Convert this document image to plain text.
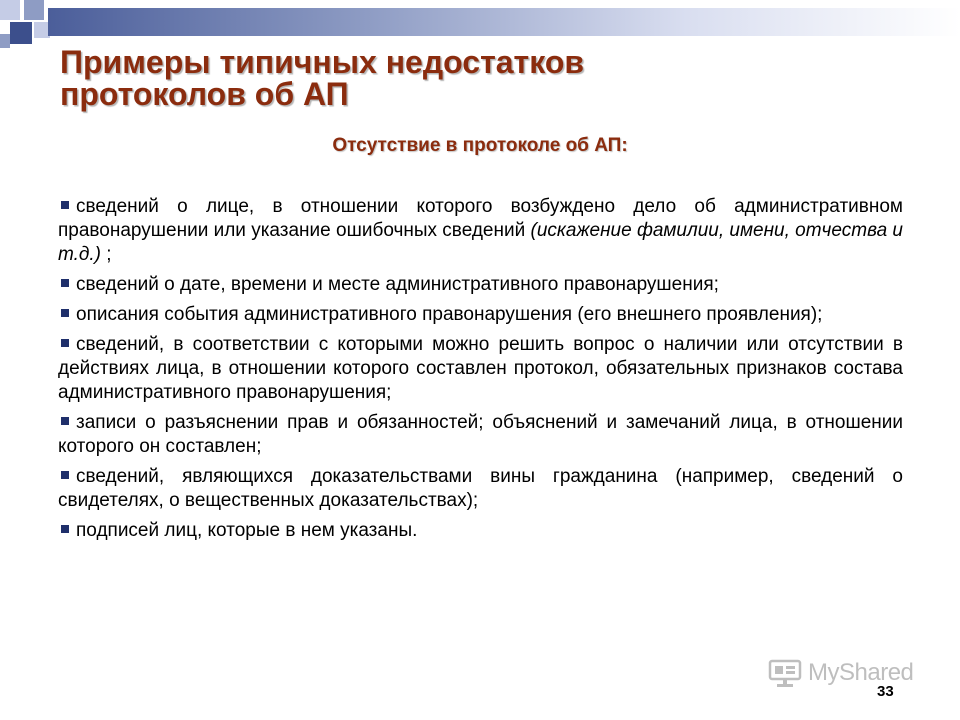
Примеры типичных недостатков
протоколов об АП
Отсутствие в протоколе об АП:
сведений о лице, в отношении которого возбуждено дело об административном правонарушении или указание ошибочных сведений (искажение фамилии, имени, отчества и т.д.) ;
сведений о дате, времени и месте административного правонарушения;
описания события административного правонарушения (его внешнего проявления);
сведений, в соответствии с которыми можно решить вопрос о наличии или отсутствии в действиях лица, в отношении которого составлен протокол, обязательных признаков состава административного правонарушения;
записи о разъяснении прав и обязанностей; объяснений и замечаний лица, в отношении которого он составлен;
сведений, являющихся доказательствами вины гражданина (например, сведений о свидетелях, о вещественных доказательствах);
подписей лиц, которые в нем указаны.
MyShared
33
